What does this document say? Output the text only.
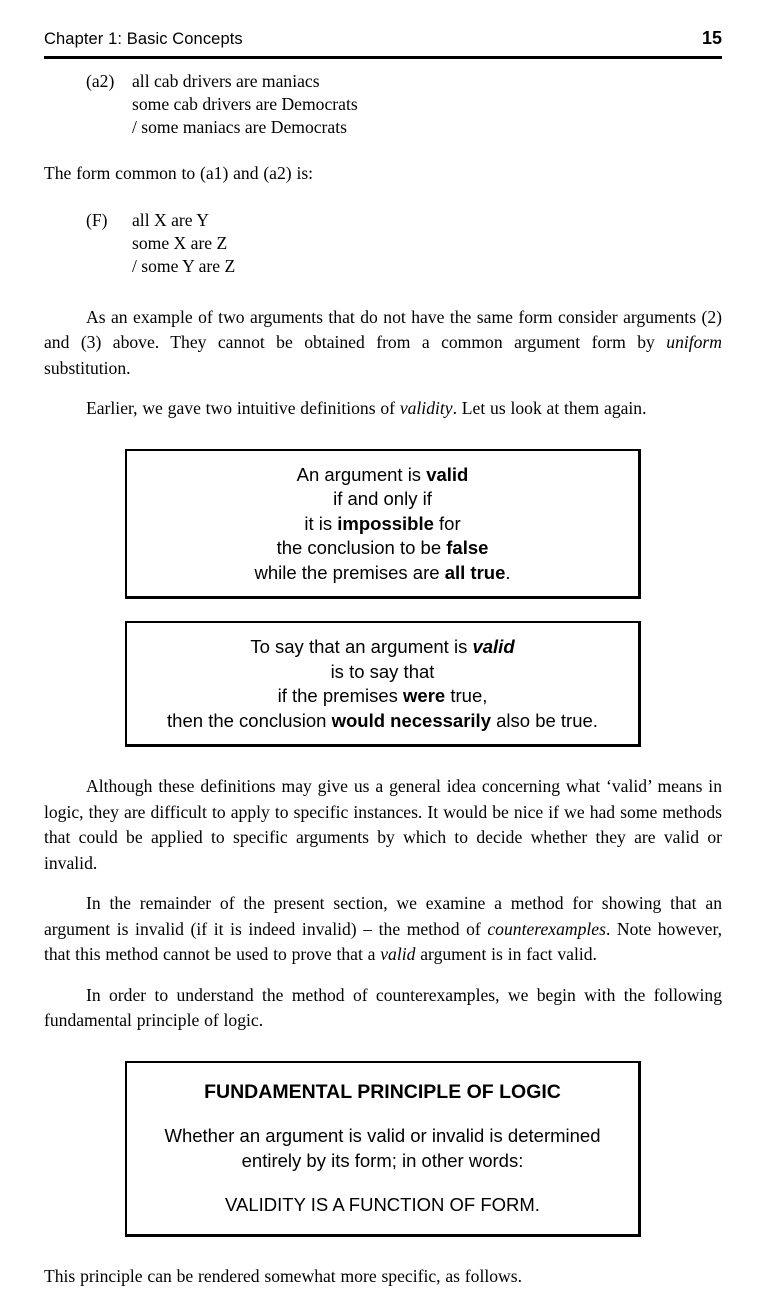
Chapter 1: Basic Concepts	15
(a2)	all cab drivers are maniacs
some cab drivers are Democrats
/ some maniacs are Democrats

The form common to (a1) and (a2) is:

(F)	all X are Y
some X are Z
/ some Y are Z

As an example of two arguments that do not have the same form consider arguments (2) and (3) above. They cannot be obtained from a common argument form by uniform substitution.

Earlier, we gave two intuitive definitions of validity. Let us look at them again.

An argument is valid
if and only if
it is impossible for
the conclusion to be false
while the premises are all true.
To say that an argument is valid
is to say that
if the premises were true,
then the conclusion would necessarily also be true.

Although these definitions may give us a general idea concerning what ‘valid’ means in logic, they are difficult to apply to specific instances. It would be nice if we had some methods that could be applied to specific arguments by which to decide whether they are valid or invalid.

In the remainder of the present section, we examine a method for showing that an argument is invalid (if it is indeed invalid) – the method of counterexamples. Note however, that this method cannot be used to prove that a valid argument is in fact valid.

In order to understand the method of counterexamples, we begin with the following fundamental principle of logic.

FUNDAMENTAL PRINCIPLE OF LOGIC
Whether an argument is valid or invalid is determined
entirely by its form; in other words:
VALIDITY IS A FUNCTION OF FORM.

This principle can be rendered somewhat more specific, as follows.
